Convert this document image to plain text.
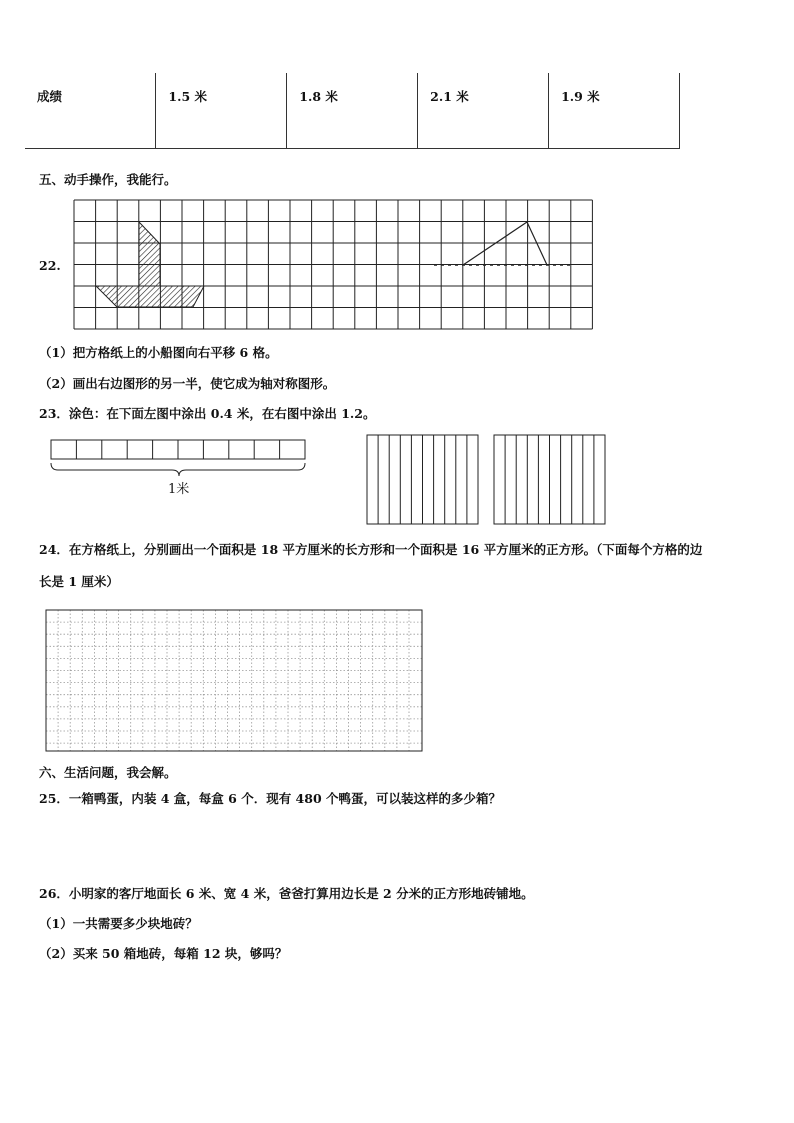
成绩	1.5 米	1.8 米	2.1 米	1.9 米
五、动手操作，我能行。
22.
（1）把方格纸上的小船图向右平移 6 格。
（2）画出右边图形的另一半，使它成为轴对称图形。
23．涂色：在下面左图中涂出 0.4 米，在右图中涂出 1.2。
1米
24．在方格纸上，分别画出一个面积是 18 平方厘米的长方形和一个面积是 16 平方厘米的正方形。（下面每个方格的边
长是 1 厘米）
六、生活问题，我会解。
25．一箱鸭蛋，内装 4 盒，每盒 6 个．现有 480 个鸭蛋，可以装这样的多少箱？
26．小明家的客厅地面长 6 米、宽 4 米，爸爸打算用边长是 2 分米的正方形地砖铺地。
（1）一共需要多少块地砖？
（2）买来 50 箱地砖，每箱 12 块，够吗？
